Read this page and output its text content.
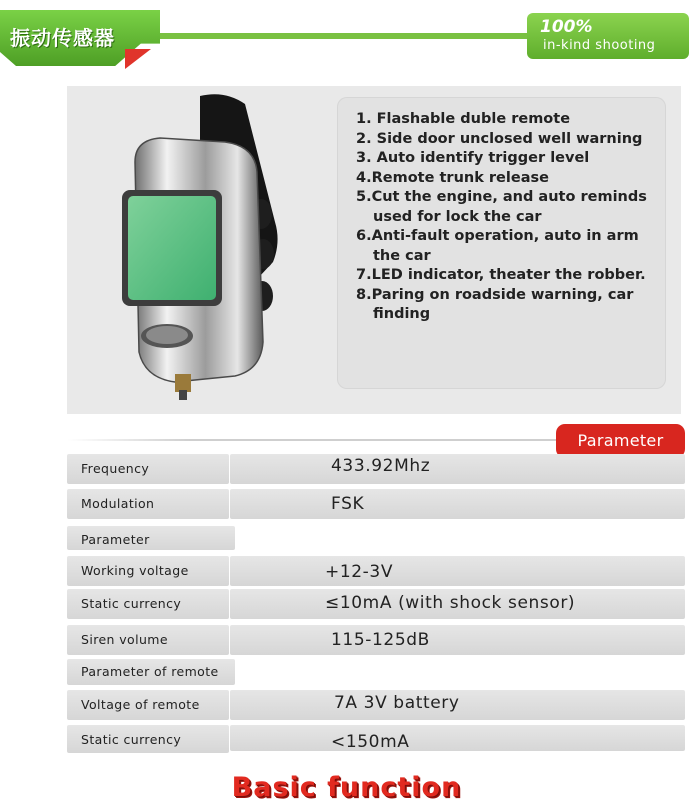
振动传感器	100%
in-kind shooting
1. Flashable duble remote
2. Side door unclosed well warning
3. Auto identify trigger level
4.Remote trunk release
5.Cut the engine, and auto reminds used for lock the car
6.Anti-fault operation, auto in arm the car
7.LED indicator, theater the robber.
8.Paring on roadside warning, car finding
Parameter
Frequency	433.92Mhz
Modulation	FSK
Parameter
Working voltage	+12-3V
Static currency	≤10mA (with shock sensor)
Siren volume	115-125dB
Parameter of remote
Voltage of remote	7A 3V battery
Static currency	<150mA
Basic function
